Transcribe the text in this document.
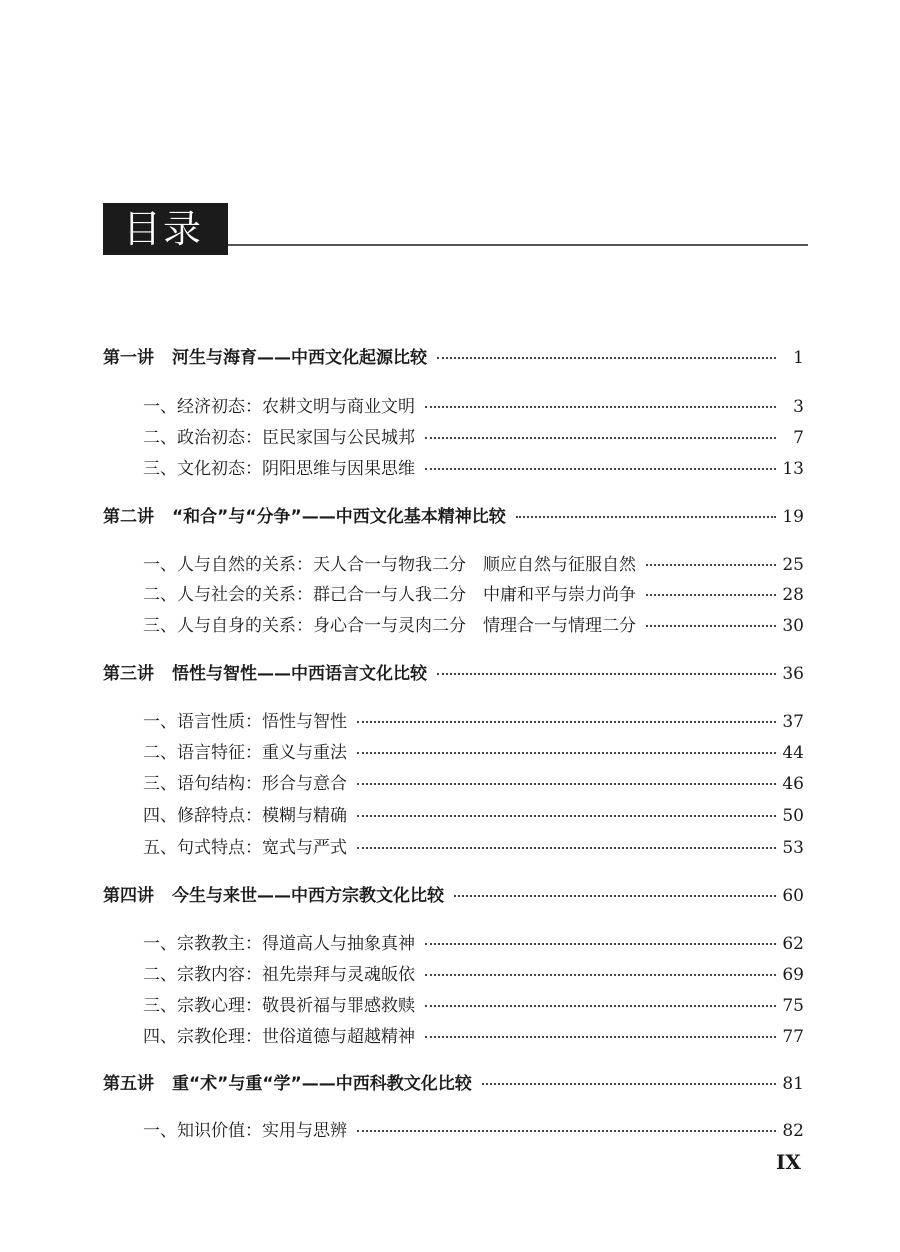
目录
第一讲 河生与海育——中西文化起源比较	1
一、经济初态：农耕文明与商业文明	3
二、政治初态：臣民家国与公民城邦	7
三、文化初态：阴阳思维与因果思维	13
第二讲 “和合”与“分争”——中西文化基本精神比较	19
一、人与自然的关系：天人合一与物我二分　顺应自然与征服自然	25
二、人与社会的关系：群己合一与人我二分　中庸和平与崇力尚争	28
三、人与自身的关系：身心合一与灵肉二分　情理合一与情理二分	30
第三讲 悟性与智性——中西语言文化比较	36
一、语言性质：悟性与智性	37
二、语言特征：重义与重法	44
三、语句结构：形合与意合	46
四、修辞特点：模糊与精确	50
五、句式特点：宽式与严式	53
第四讲 今生与来世——中西方宗教文化比较	60
一、宗教教主：得道高人与抽象真神	62
二、宗教内容：祖先崇拜与灵魂皈依	69
三、宗教心理：敬畏祈福与罪感救赎	75
四、宗教伦理：世俗道德与超越精神	77
第五讲 重“术”与重“学”——中西科教文化比较	81
一、知识价值：实用与思辨	82
IX
